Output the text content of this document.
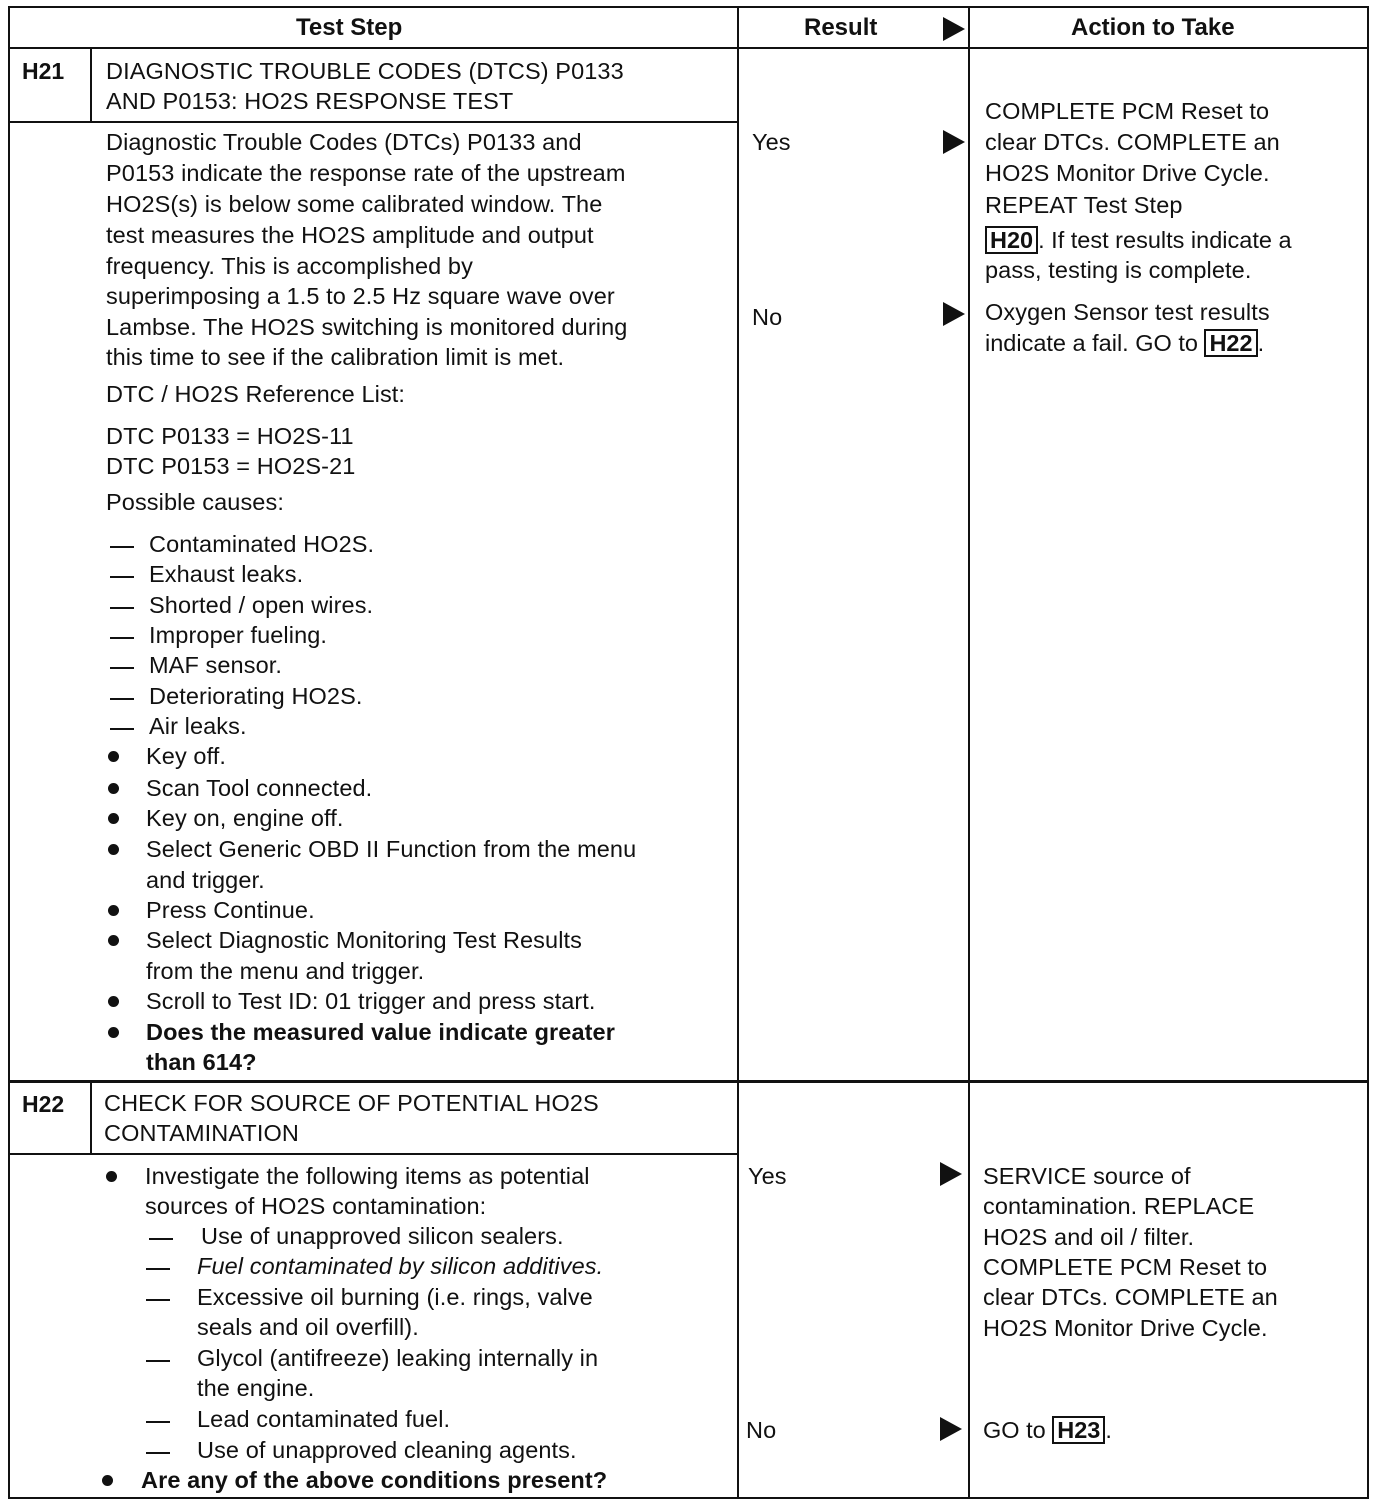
Test Step	Result	Action to Take
H21 DIAGNOSTIC TROUBLE CODES (DTCS) P0133
AND P0153: HO2S RESPONSE TEST
Diagnostic Trouble Codes (DTCs) P0133 and
P0153 indicate the response rate of the upstream
HO2S(s) is below some calibrated window. The
test measures the HO2S amplitude and output
frequency. This is accomplished by
superimposing a 1.5 to 2.5 Hz square wave over
Lambse. The HO2S switching is monitored during
this time to see if the calibration limit is met.
DTC / HO2S Reference List:
DTC P0133 = HO2S-11
DTC P0153 = HO2S-21
Possible causes:
Contaminated HO2S.
Exhaust leaks.
Shorted / open wires.
Improper fueling.
MAF sensor.
Deteriorating HO2S.
Air leaks.
Key off.
Scan Tool connected.
Key on, engine off.
Select Generic OBD II Function from the menu
and trigger.
Press Continue.
Select Diagnostic Monitoring Test Results
from the menu and trigger.
Scroll to Test ID: 01 trigger and press start.
Does the measured value indicate greater
than 614?
Yes
No
COMPLETE PCM Reset to
clear DTCs. COMPLETE an
HO2S Monitor Drive Cycle.
REPEAT Test Step
H20 . If test results indicate a
pass, testing is complete.
Oxygen Sensor test results
indicate a fail. GO to H22 .
H22 CHECK FOR SOURCE OF POTENTIAL HO2S
CONTAMINATION
Investigate the following items as potential
sources of HO2S contamination:
Use of unapproved silicon sealers.
Fuel contaminated by silicon additives.
Excessive oil burning (i.e. rings, valve
seals and oil overfill).
Glycol (antifreeze) leaking internally in
the engine.
Lead contaminated fuel.
Use of unapproved cleaning agents.
Are any of the above conditions present?
Yes
No
SERVICE source of
contamination. REPLACE
HO2S and oil / filter.
COMPLETE PCM Reset to
clear DTCs. COMPLETE an
HO2S Monitor Drive Cycle.
GO to H23 .
